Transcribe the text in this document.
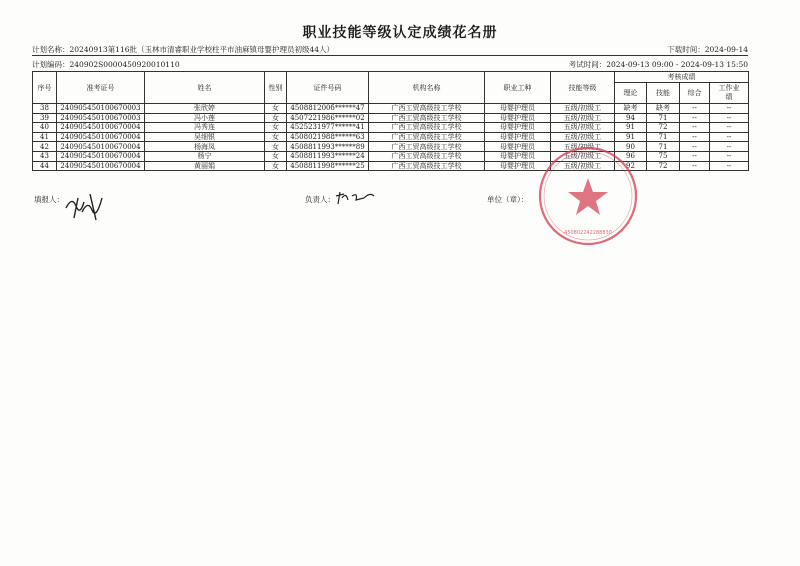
职业技能等级认定成绩花名册
计划名称：20240913第116批（玉林市清睿职业学校柱平市油麻镇母婴护理员初级44人）	下载时间：2024-09-14
计划编码：240902S0000450920010110	考试时间：2024-09-13 09:00 - 2024-09-13 15:50
序号	准考证号	姓名	性别	证件号码	机构名称	职业工种	技能等级	考核成绩			
								理论	技能	综合	工作业绩
38	240905450100670003	张欣婷	女	450881200б******47	广西工贸高级技工学校	母婴护理员	五级/初级工	缺考	缺考	--	--
39	240905450100670003	冯小莲	女	4507221986******02	广西工贸高级技工学校	母婴护理员	五级/初级工	94	71	--	--
40	240905450100670004	冯秀连	女	4525231977******41	广西工贸高级技工学校	母婴护理员	五级/初级工	91	72	--	--
41	240905450100670004	吴细银	女	4508021988******63	广西工贸高级技工学校	母婴护理员	五级/初级工	91	71	--	--
42	240905450100670004	杨海凤	女	4508811993******89	广西工贸高级技工学校	母婴护理员	五级/初级工	90	71	--	--
43	240905450100670004	杨宁	女	4508811993******24	广西工贸高级技工学校	母婴护理员	五级/初级工	96	75	--	--
44	240905450100670004	黄丽娟	女	4508811998******25	广西工贸高级技工学校	母婴护理员	五级/初级工	92	72	--	--
填报人：	负责人：	单位（章）：
450802242288830
